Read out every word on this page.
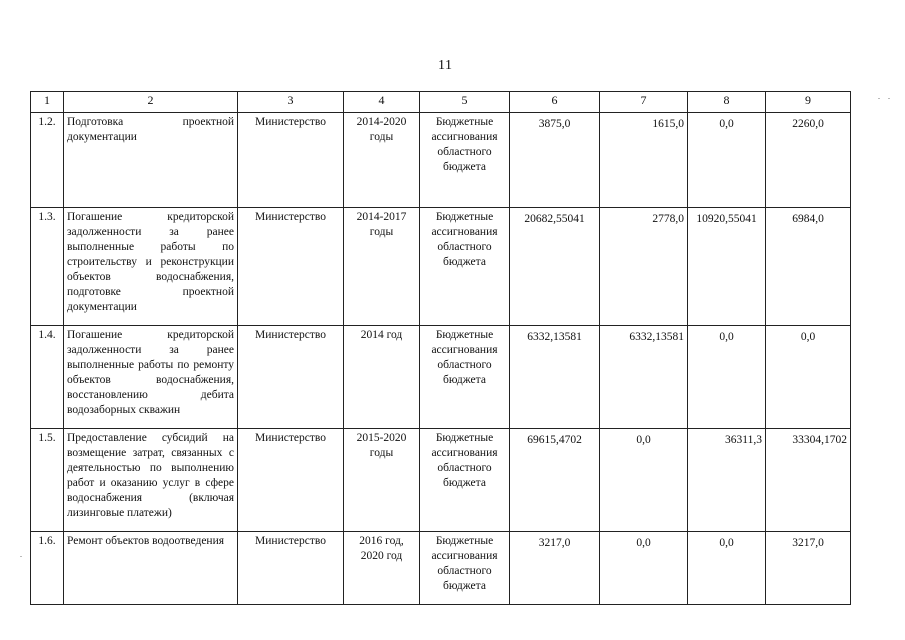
11
1	2	3	4	5	6	7	8	9
1.2.	Подготовка проектной документации	Министерство	2014-2020 годы	Бюджетные ассигнования областного бюджета	3875,0	1615,0	0,0	2260,0
1.3.	Погашение кредиторской задолженности за ранее выполненные работы по строительству и реконструкции объектов водоснабжения, подготовке проектной документации	Министерство	2014-2017 годы	Бюджетные ассигнования областного бюджета	20682,55041	2778,0	10920,55041	6984,0
1.4.	Погашение кредиторской задолженности за ранее выполненные работы по ремонту объектов водоснабжения, восстановлению дебита водозаборных скважин	Министерство	2014 год	Бюджетные ассигнования областного бюджета	6332,13581	6332,13581	0,0	0,0
1.5.	Предоставление субсидий на возмещение затрат, связанных с деятельностью по выполнению работ и оказанию услуг в сфере водоснабжения (включая лизинговые платежи)	Министерство	2015-2020 годы	Бюджетные ассигнования областного бюджета	69615,4702	0,0	36311,3	33304,1702
1.6.	Ремонт объектов водоотведения	Министерство	2016 год, 2020 год	Бюджетные ассигнования областного бюджета	3217,0	0,0	0,0	3217,0
